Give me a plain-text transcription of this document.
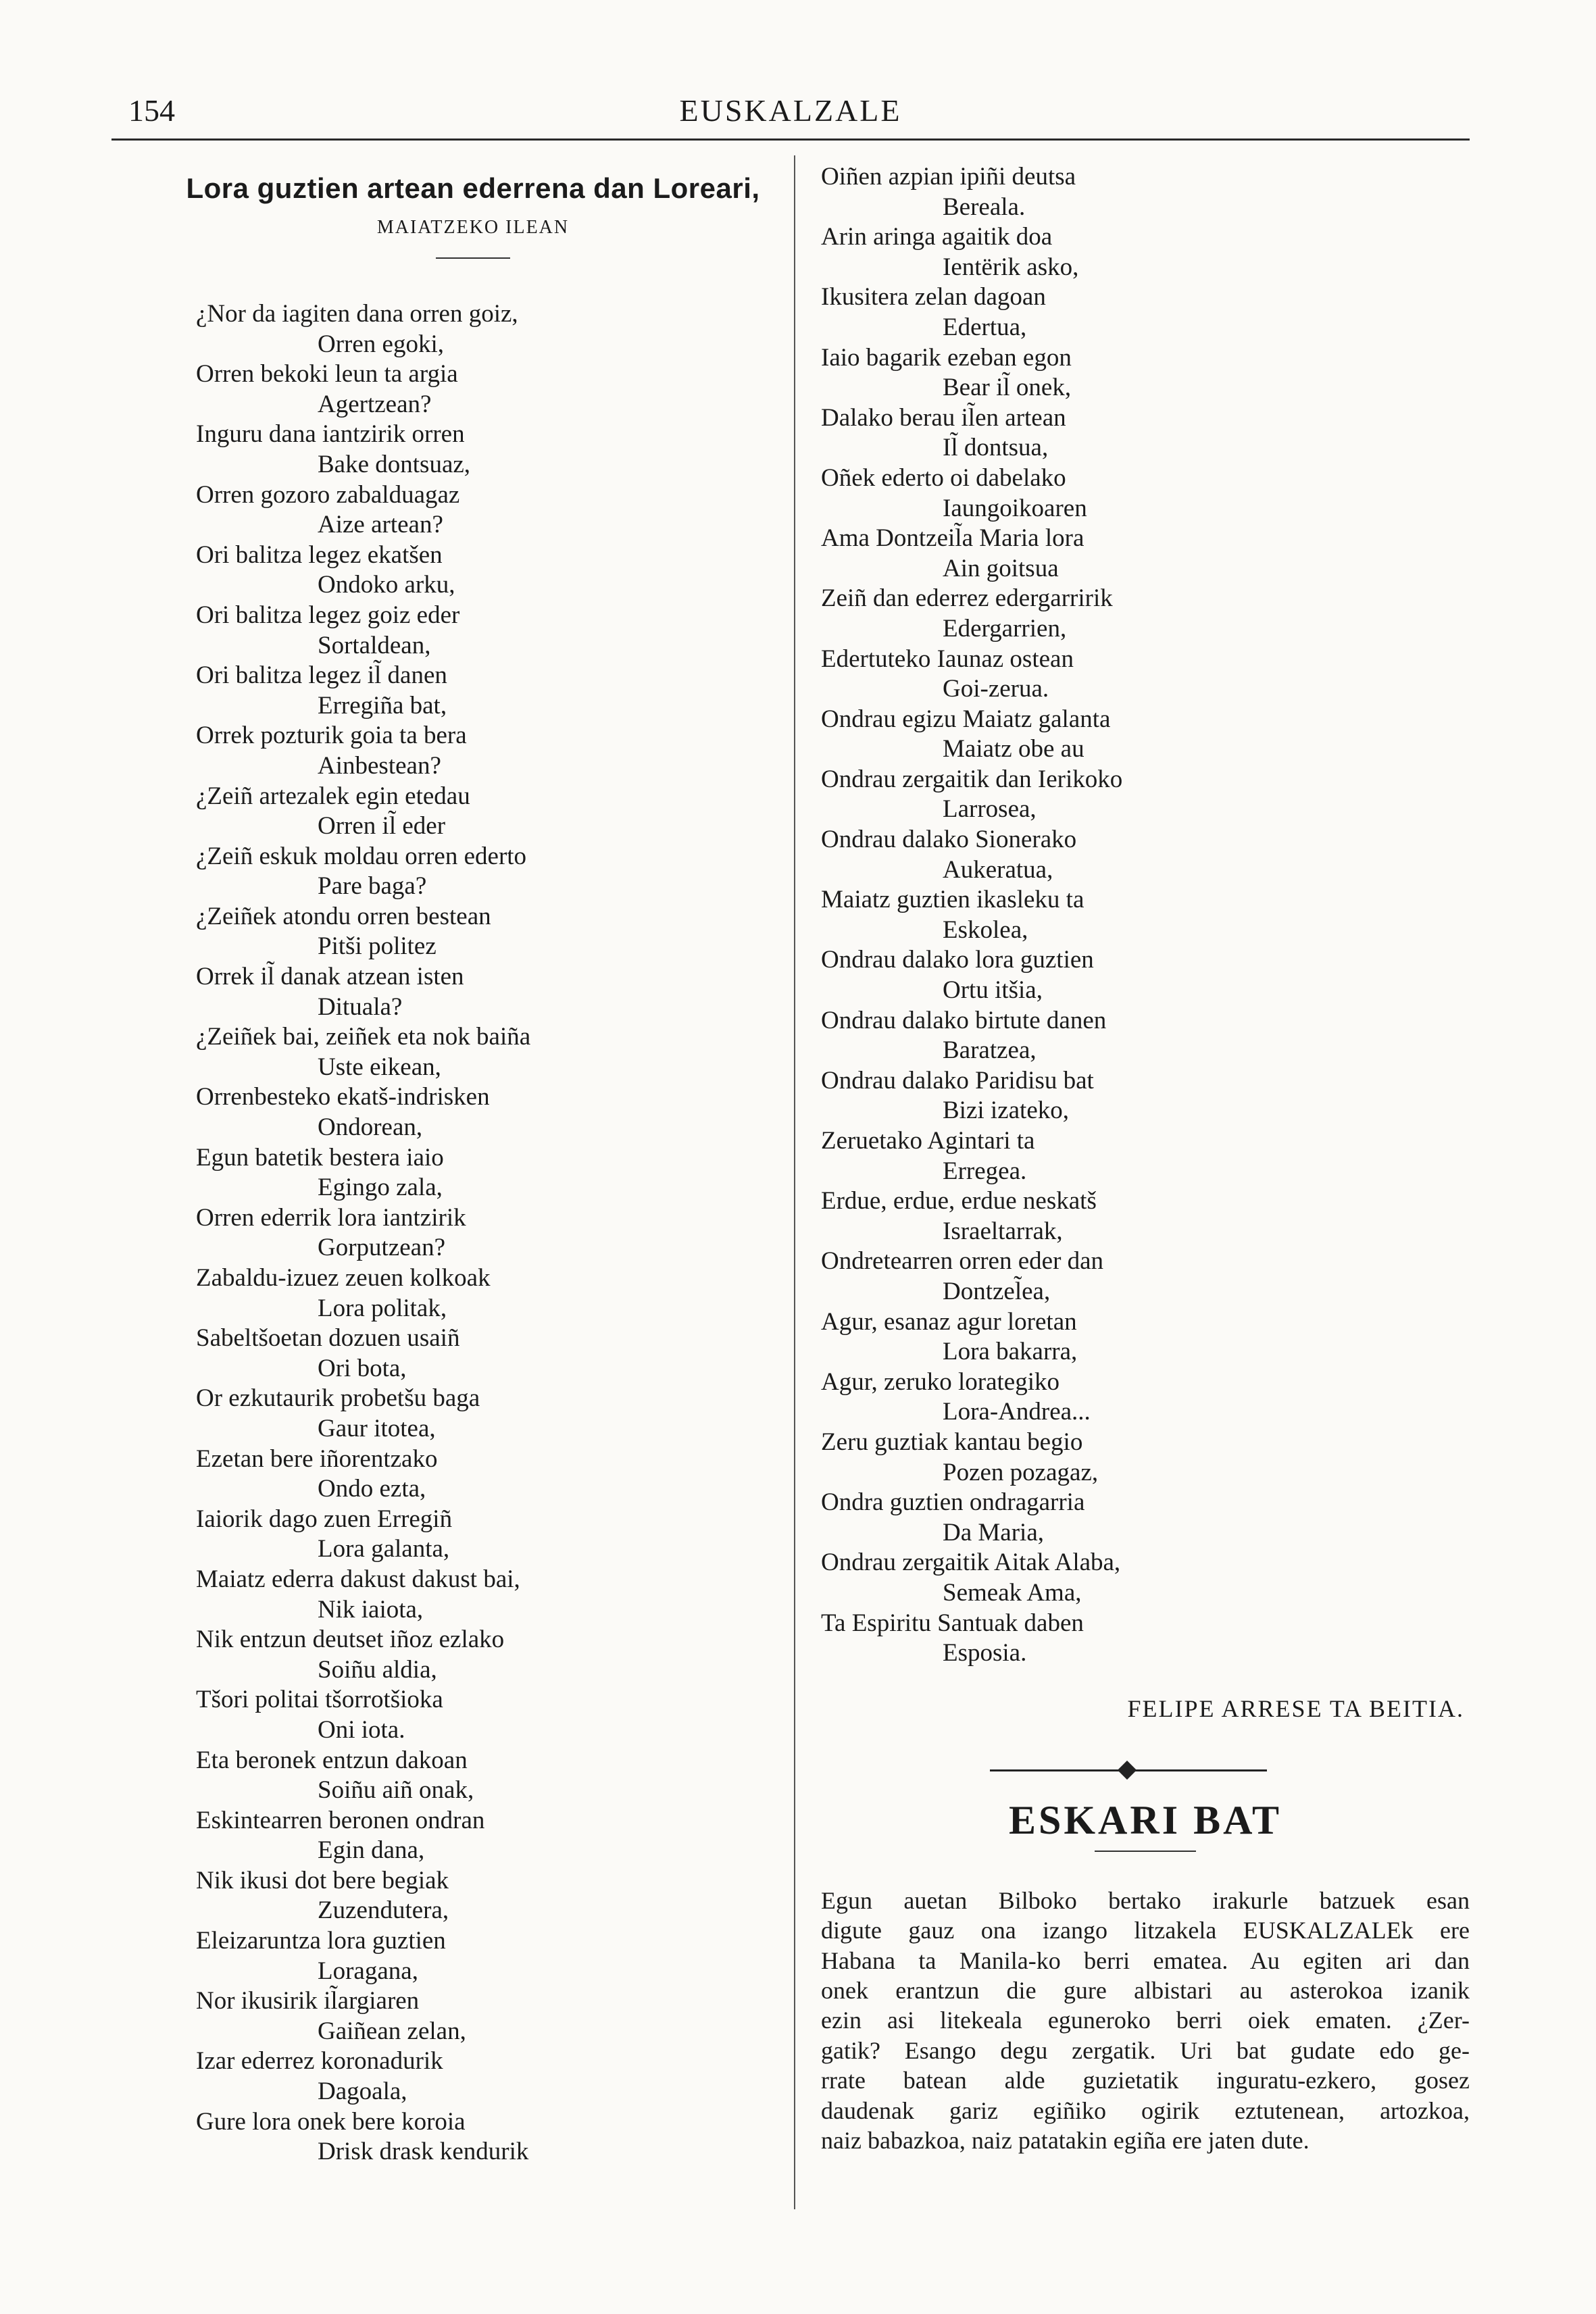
154	EUSKALZALE
Lora guztien artean ederrena dan Loreari,
MAIATZEKO ILEAN
¿Nor da iagiten dana orren goiz,
Orren egoki,
Orren bekoki leun ta argia
Agertzean?
Inguru dana iantzirik orren
Bake dontsuaz,
Orren gozoro zabalduagaz
Aize artean?
Ori balitza legez ekatšen
Ondoko arku,
Ori balitza legez goiz eder
Sortaldean,
Ori balitza legez il̃ danen
Erregiña bat,
Orrek pozturik goia ta bera
Ainbestean?
¿Zeiñ artezalek egin etedau
Orren il̃ eder
¿Zeiñ eskuk moldau orren ederto
Pare baga?
¿Zeiñek atondu orren bestean
Pitši politez
Orrek il̃ danak atzean isten
Dituala?
¿Zeiñek bai, zeiñek eta nok baiña
Uste eikean,
Orrenbesteko ekatš-indrisken
Ondorean,
Egun batetik bestera iaio
Egingo zala,
Orren ederrik lora iantzirik
Gorputzean?
Zabaldu-izuez zeuen kolkoak
Lora politak,
Sabeltšoetan dozuen usaiñ
Ori bota,
Or ezkutaurik probetšu baga
Gaur itotea,
Ezetan bere iñorentzako
Ondo ezta,
Iaiorik dago zuen Erregiñ
Lora galanta,
Maiatz ederra dakust dakust bai,
Nik iaiota,
Nik entzun deutset iñoz ezlako
Soiñu aldia,
Tšori politai tšorrotšioka
Oni iota.
Eta beronek entzun dakoan
Soiñu aiñ onak,
Eskintearren beronen ondran
Egin dana,
Nik ikusi dot bere begiak
Zuzendutera,
Eleizaruntza lora guztien
Loragana,
Nor ikusirik il̃argiaren
Gaiñean zelan,
Izar ederrez koronadurik
Dagoala,
Gure lora onek bere koroia
Drisk drask kendurik
Oiñen azpian ipiñi deutsa
Bereala.
Arin aringa agaitik doa
Ientërik asko,
Ikusitera zelan dagoan
Edertua,
Iaio bagarik ezeban egon
Bear il̃ onek,
Dalako berau il̃en artean
Il̃ dontsua,
Oñek ederto oi dabelako
Iaungoikoaren
Ama Dontzeil̃a Maria lora
Ain goitsua
Zeiñ dan ederrez edergarririk
Edergarrien,
Edertuteko Iaunaz ostean
Goi-zerua.
Ondrau egizu Maiatz galanta
Maiatz obe au
Ondrau zergaitik dan Ierikoko
Larrosea,
Ondrau dalako Sionerako
Aukeratua,
Maiatz guztien ikasleku ta
Eskolea,
Ondrau dalako lora guztien
Ortu itšia,
Ondrau dalako birtute danen
Baratzea,
Ondrau dalako Paridisu bat
Bizi izateko,
Zeruetako Agintari ta
Erregea.
Erdue, erdue, erdue neskatš
Israeltarrak,
Ondretearren orren eder dan
Dontzel̃ea,
Agur, esanaz agur loretan
Lora bakarra,
Agur, zeruko lorategiko
Lora-Andrea...
Zeru guztiak kantau begio
Pozen pozagaz,
Ondra guztien ondragarria
Da Maria,
Ondrau zergaitik Aitak Alaba,
Semeak Ama,
Ta Espiritu Santuak daben
Esposia.
FELIPE ARRESE TA BEITIA.
ESKARI BAT
Egun auetan Bilboko bertako irakurle batzuek esan
digute gauz ona izango litzakela EUSKALZALEk ere
Habana ta Manila-ko berri ematea. Au egiten ari dan
onek erantzun die gure albistari au asterokoa izanik
ezin asi litekeala eguneroko berri oiek ematen. ¿Zer-
gatik? Esango degu zergatik. Uri bat gudate edo ge-
rrate batean alde guzietatik inguratu-ezkero, gosez
daudenak gariz egiñiko ogirik eztutenean, artozkoa,
naiz babazkoa, naiz patatakin egiña ere jaten dute.
